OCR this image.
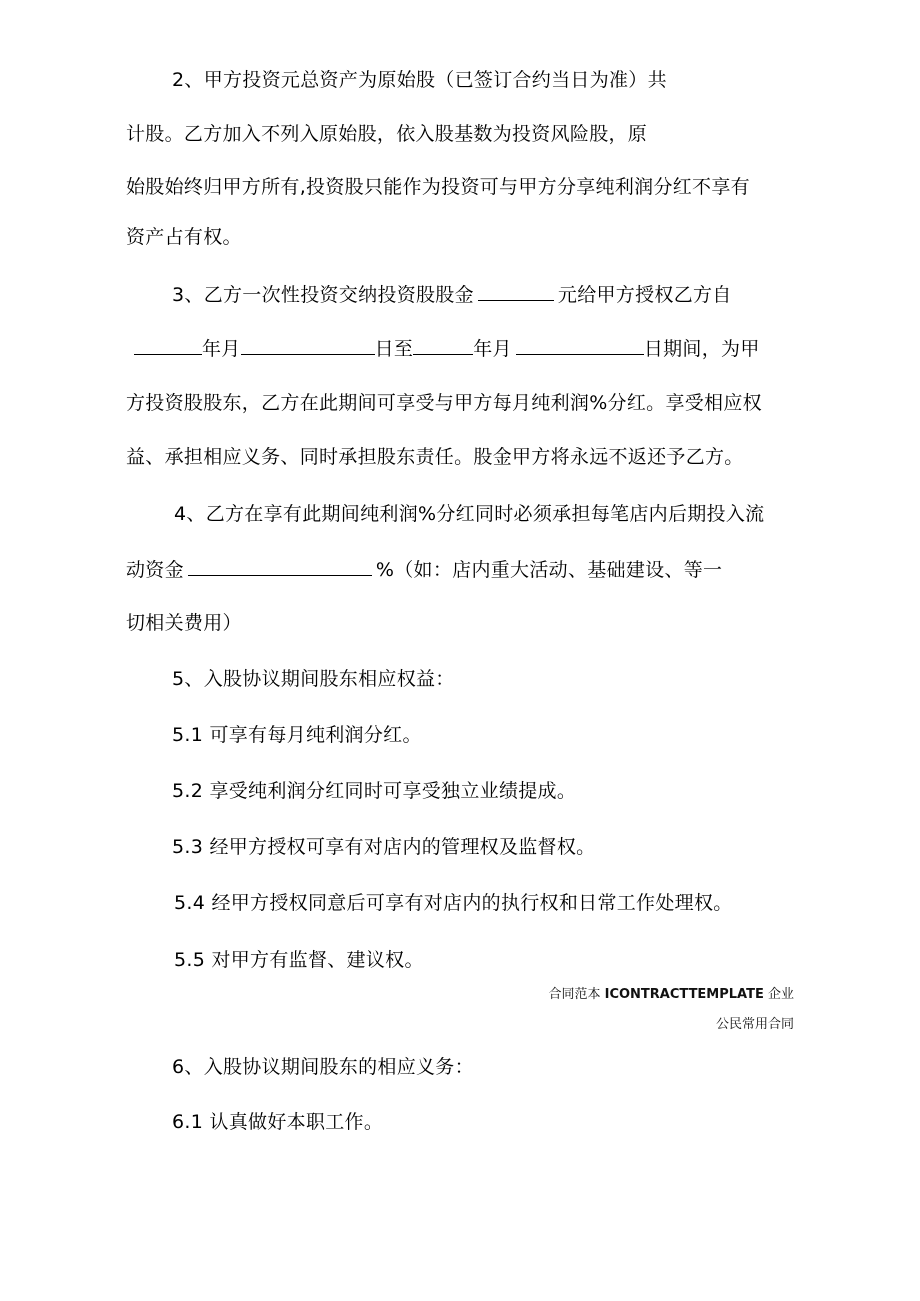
2、甲方投资元总资产为原始股（已签订合约当日为准）共
计股。乙方加入不列入原始股，依入股基数为投资风险股，原
始股始终归甲方所有,投资股只能作为投资可与甲方分享纯利润分红不享有
资产占有权。
3、乙方一次性投资交纳投资股股金	元给甲方授权乙方自
年月	日至	年月	日期间，为甲
方投资股股东，乙方在此期间可享受与甲方每月纯利润%分红。享受相应权
益、承担相应义务、同时承担股东责任。股金甲方将永远不返还予乙方。
4、乙方在享有此期间纯利润%分红同时必须承担每笔店内后期投入流
动资金	%（如：店内重大活动、基础建设、等一
切相关费用）
5、入股协议期间股东相应权益：
5.1 可享有每月纯利润分红。
5.2 享受纯利润分红同时可享受独立业绩提成。
5.3 经甲方授权可享有对店内的管理权及监督权。
5.4 经甲方授权同意后可享有对店内的执行权和日常工作处理权。
5.5 对甲方有监督、建议权。
合同范本 ICONTRACTTEMPLATE 企业
公民常用合同
6、入股协议期间股东的相应义务：
6.1 认真做好本职工作。
